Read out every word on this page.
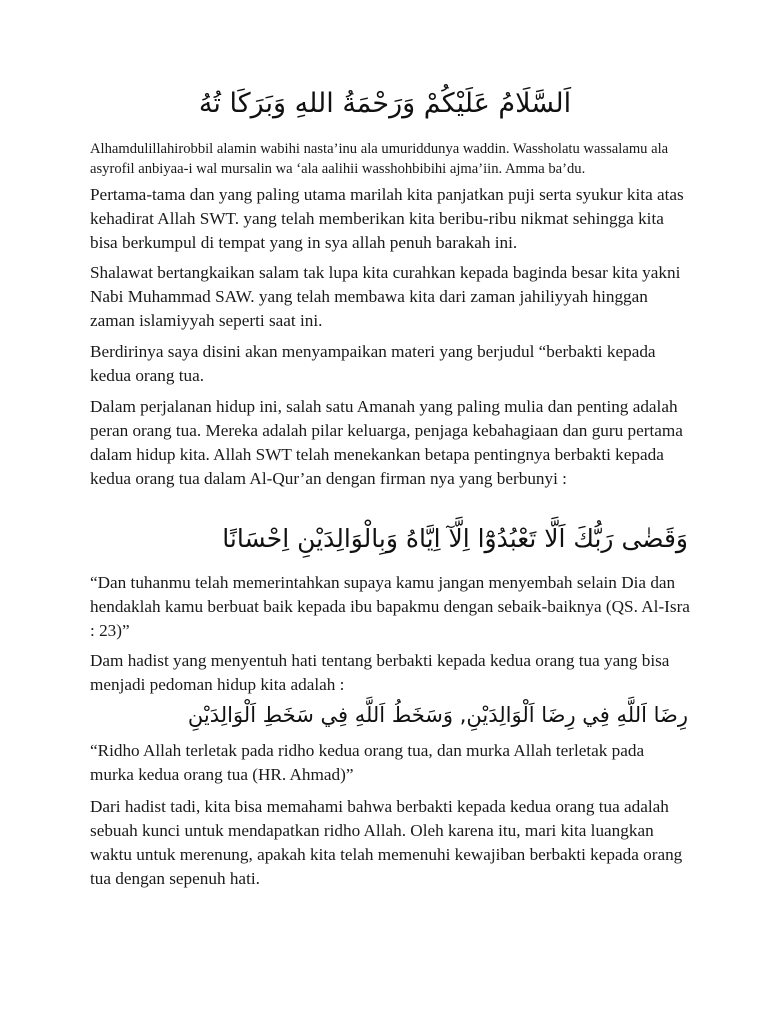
اَلسَّلَامُ عَلَيْكُمْ وَرَحْمَةُ اللهِ وَبَرَكَا تُهُ

Alhamdulillahirobbil alamin wabihi nasta’inu ala umuriddunya waddin. Wassholatu wassalamu ala asyrofil anbiyaa-i wal mursalin wa ‘ala aalihii wasshohbibihi ajma’iin. Amma ba’du.

Pertama-tama dan yang paling utama marilah kita panjatkan puji serta syukur kita atas kehadirat Allah SWT. yang telah memberikan kita beribu-ribu nikmat sehingga kita bisa berkumpul di tempat yang in sya allah penuh barakah ini.

Shalawat bertangkaikan salam tak lupa kita curahkan kepada baginda besar kita yakni Nabi Muhammad SAW. yang telah membawa kita dari zaman jahiliyyah hinggan zaman islamiyyah seperti saat ini.

Berdirinya saya disini akan menyampaikan materi yang berjudul “berbakti kepada kedua orang tua.

Dalam perjalanan hidup ini, salah satu Amanah yang paling mulia dan penting adalah peran orang tua. Mereka adalah pilar keluarga, penjaga kebahagiaan dan guru pertama dalam hidup kita. Allah SWT telah menekankan betapa pentingnya berbakti kepada kedua orang tua dalam Al-Qur’an dengan firman nya yang berbunyi :

وَقَضٰى رَبُّكَ اَلَّا تَعْبُدُوْٓا اِلَّآ اِيَّاهُ وَبِالْوَالِدَيْنِ اِحْسَانًا

“Dan tuhanmu telah memerintahkan supaya kamu jangan menyembah selain Dia dan hendaklah kamu berbuat baik kepada ibu bapakmu dengan sebaik-baiknya (QS. Al-Isra : 23)”

Dam hadist yang menyentuh hati tentang berbakti kepada kedua orang tua yang bisa menjadi pedoman hidup kita adalah :

رِضَا اَللَّهِ فِي رِضَا اَلْوَالِدَيْنِ, وَسَخَطُ اَللَّهِ فِي سَخَطِ اَلْوَالِدَيْنِ

“Ridho Allah terletak pada ridho kedua orang tua, dan murka Allah terletak pada murka kedua orang tua (HR. Ahmad)”

Dari hadist tadi, kita bisa memahami bahwa berbakti kepada kedua orang tua adalah sebuah kunci untuk mendapatkan ridho Allah. Oleh karena itu, mari kita luangkan waktu untuk merenung, apakah kita telah memenuhi kewajiban berbakti kepada orang tua dengan sepenuh hati.
